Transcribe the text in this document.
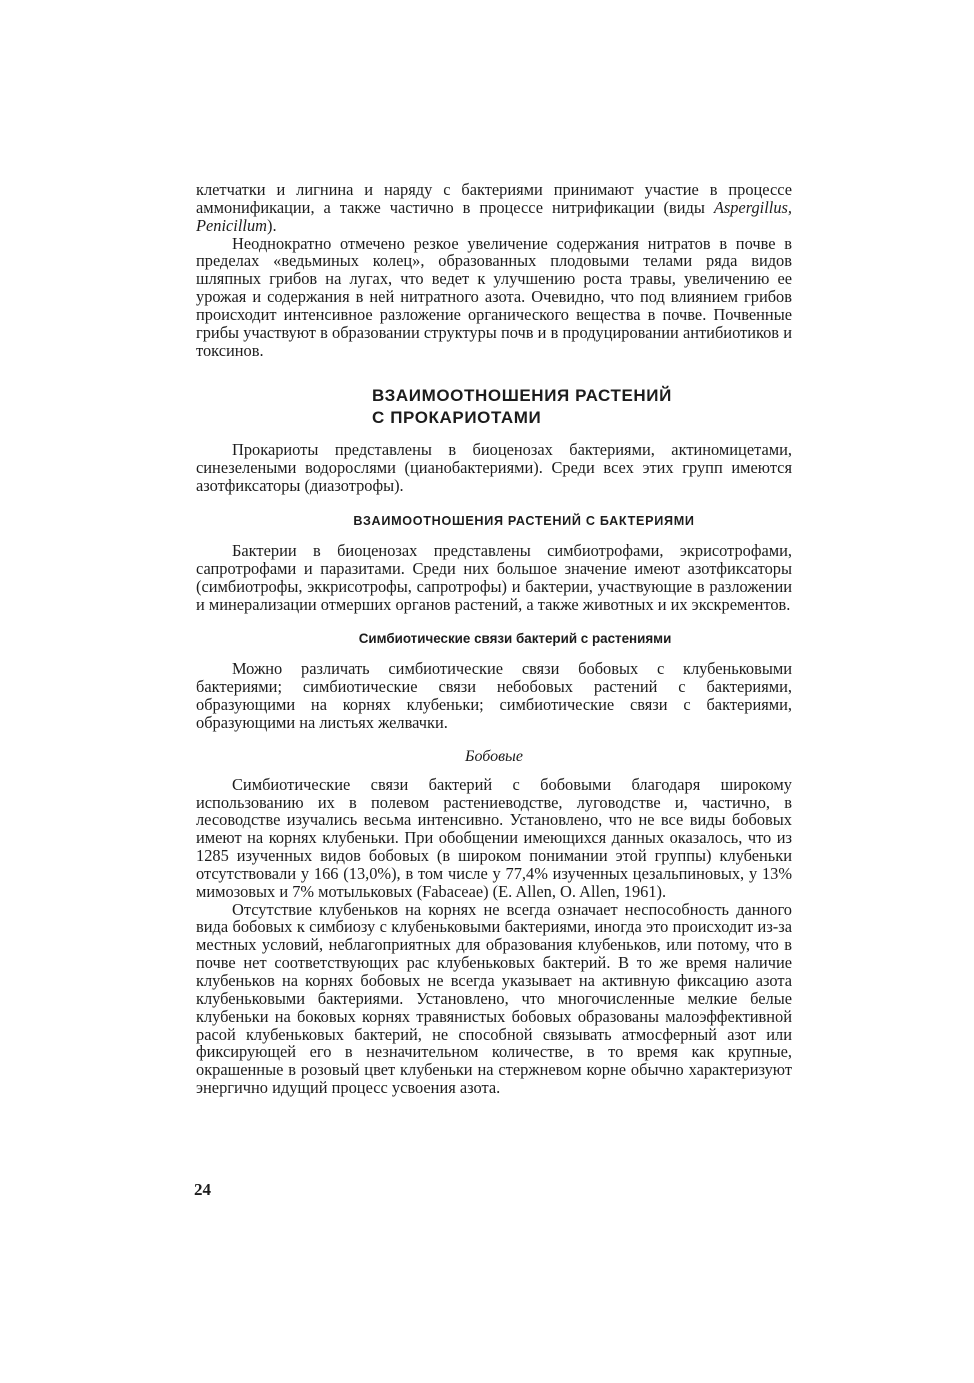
клетчатки и лигнина и наряду с бактериями принимают участие в процессе аммонификации, а также частично в процессе нитрификации (виды Aspergillus, Penicillum).

Неоднократно отмечено резкое увеличение содержания нитратов в почве в пределах «ведьминых колец», образованных плодовыми телами ряда видов шляпных грибов на лугах, что ведет к улучшению роста травы, увеличению ее урожая и содержания в ней нитратного азота. Очевидно, что под влиянием грибов происходит интенсивное разложение органического вещества в почве. Почвенные грибы участвуют в образовании структуры почв и в продуцировании антибиотиков и токсинов.

ВЗАИМООТНОШЕНИЯ РАСТЕНИЙ
С ПРОКАРИОТАМИ

Прокариоты представлены в биоценозах бактериями, актиномицетами, синезелеными водорослями (цианобактериями). Среди всех этих групп имеются азотфиксаторы (диазотрофы).

ВЗАИМООТНОШЕНИЯ РАСТЕНИЙ С БАКТЕРИЯМИ

Бактерии в биоценозах представлены симбиотрофами, экрисотрофами, сапротрофами и паразитами. Среди них большое значение имеют азотфиксаторы (симбиотрофы, эккрисотрофы, сапротрофы) и бактерии, участвующие в разложении и минерализации отмерших органов растений, а также животных и их экскрементов.

Симбиотические связи бактерий с растениями

Можно различать симбиотические связи бобовых с клубеньковыми бактериями; симбиотические связи небобовых растений с бактериями, образующими на корнях клубеньки; симбиотические связи с бактериями, образующими на листьях желвачки.

Бобовые

Симбиотические связи бактерий с бобовыми благодаря широкому использованию их в полевом растениеводстве, луговодстве и, частично, в лесоводстве изучались весьма интенсивно. Установлено, что не все виды бобовых имеют на корнях клубеньки. При обобщении имеющихся данных оказалось, что из 1285 изученных видов бобовых (в широком понимании этой группы) клубеньки отсутствовали у 166 (13,0%), в том числе у 77,4% изученных цезальпиновых, у 13% мимозовых и 7% мотыльковых (Fabaceae) (E. Allen, O. Allen, 1961).

Отсутствие клубеньков на корнях не всегда означает неспособность данного вида бобовых к симбиозу с клубеньковыми бактериями, иногда это происходит из-за местных условий, неблагоприятных для образования клубеньков, или потому, что в почве нет соответствующих рас клубеньковых бактерий. В то же время наличие клубеньков на корнях бобовых не всегда указывает на активную фиксацию азота клубеньковыми бактериями. Установлено, что многочисленные мелкие белые клубеньки на боковых корнях травянистых бобовых образованы малоэффективной расой клубеньковых бактерий, не способной связывать атмосферный азот или фиксирующей его в незначительном количестве, в то время как крупные, окрашенные в розовый цвет клубеньки на стержневом корне обычно характеризуют энергично идущий процесс усвоения азота.

24
